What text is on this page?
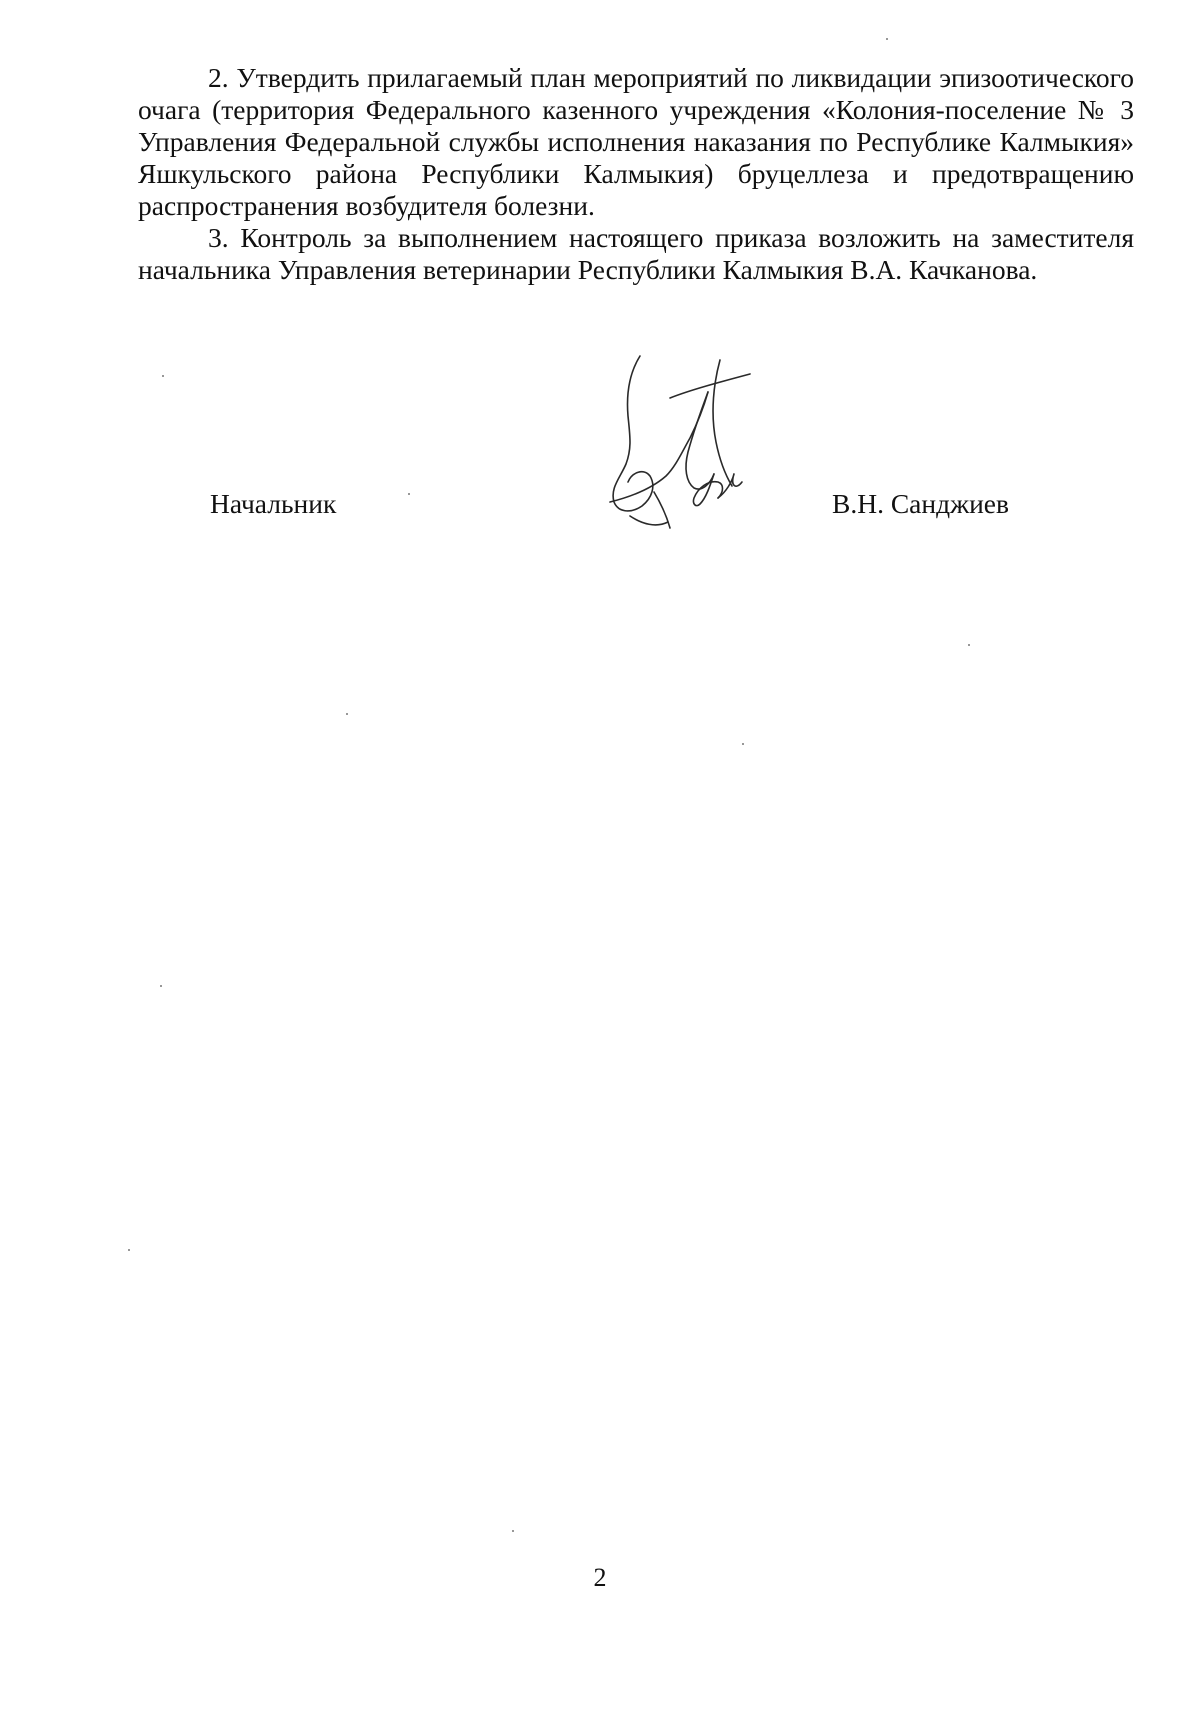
2. Утвердить прилагаемый план мероприятий по ликвидации эпизоотического очага (территория Федерального казенного учреждения «Колония-поселение № 3 Управления Федеральной службы исполнения наказания по Республике Калмыкия» Яшкульского района Республики Калмыкия) бруцеллеза и предотвращению распространения возбудителя болезни.

3. Контроль за выполнением настоящего приказа возложить на заместителя начальника Управления ветеринарии Республики Калмыкия В.А. Качканова.

Начальник	В.Н. Санджиев
2
